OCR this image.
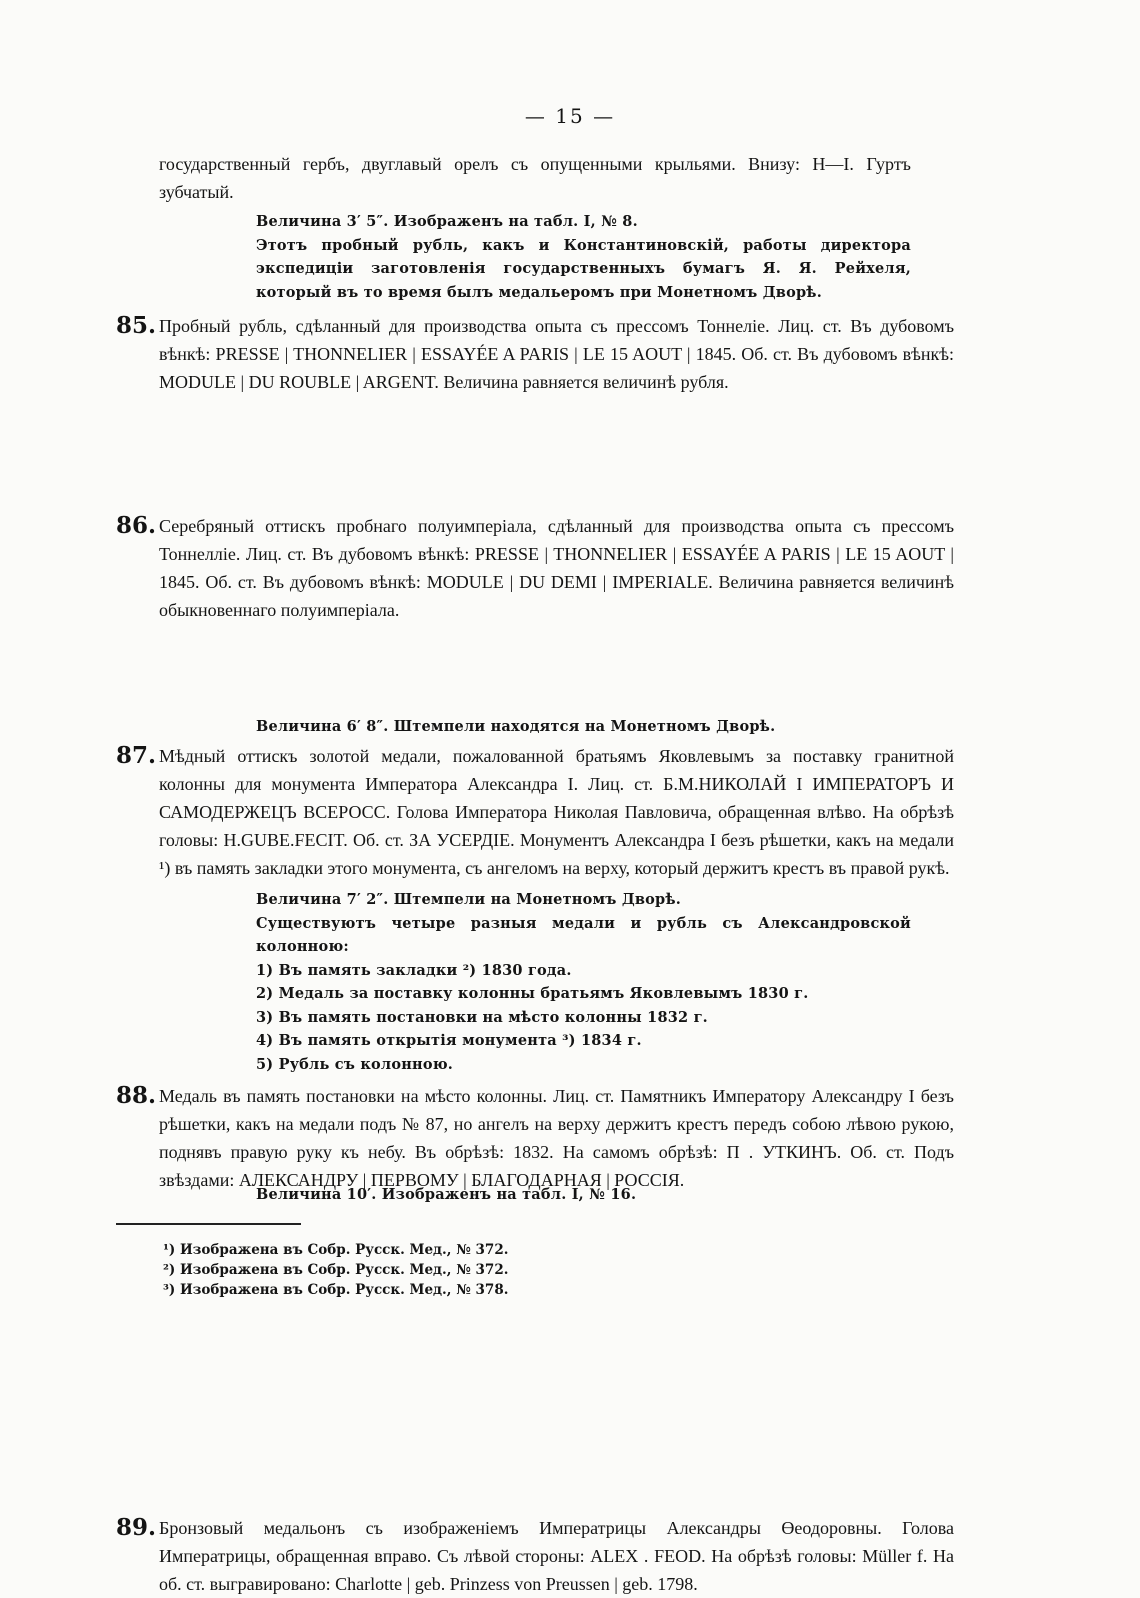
— 15 —
государственный гербъ, двуглавый орелъ съ опущенными крыльями. Внизу: Н—I. Гуртъ зубчатый.
Величина 3′ 5″. Изображенъ на табл. I, № 8.
Этотъ пробный рубль, какъ и Константиновскій, работы директора экспедиціи заготовленія государственныхъ бумагъ Я. Я. Рейхеля, который въ то время былъ медальеромъ при Монетномъ Дворѣ.
85. Пробный рубль, сдѣланный для производства опыта съ прессомъ Тоннеліе. Лиц. ст. Въ дубовомъ вѣнкѣ: PRESSE | THONNELIER | ESSAYÉE A PARIS | LE 15 AOUT | 1845. Об. ст. Въ дубовомъ вѣнкѣ: MODULE | DU ROUBLE | ARGENT. Величина равняется величинѣ рубля.
86. Серебряный оттискъ пробнаго полуимперіала, сдѣланный для производства опыта съ прессомъ Тоннелліе. Лиц. ст. Въ дубовомъ вѣнкѣ: PRESSE | THONNELIER | ESSAYÉE A PARIS | LE 15 AOUT | 1845. Об. ст. Въ дубовомъ вѣнкѣ: MODULE | DU DEMI | IMPERIALE. Величина равняется величинѣ обыкновеннаго полуимперіала.
87. Мѣдный оттискъ золотой медали, пожалованной братьямъ Яковлевымъ за поставку гранитной колонны для монумента Императора Александра I. Лиц. ст. Б.М.НИКОЛАЙ I ИМПЕРАТОРЪ И САМОДЕРЖЕЦЪ ВСЕРОСС. Голова Императора Николая Павловича, обращенная влѣво. На обрѣзѣ головы: H.GUBE.FECIT. Об. ст. ЗА УСЕРДІЕ. Монументъ Александра I безъ рѣшетки, какъ на медали ¹) въ память закладки этого монумента, съ ангеломъ на верху, который держитъ крестъ въ правой рукѣ.
Величина 6′ 8″. Штемпели находятся на Монетномъ Дворѣ.
88. Медаль въ память постановки на мѣсто колонны. Лиц. ст. Памятникъ Императору Александру I безъ рѣшетки, какъ на медали подъ № 87, но ангелъ на верху держитъ крестъ передъ собою лѣвою рукою, поднявъ правую руку къ небу. Въ обрѣзѣ: 1832. На самомъ обрѣзѣ: П . УТКИНЪ. Об. ст. Подъ звѣздами: АЛЕКСАНДРУ | ПЕРВОМУ | БЛАГОДАРНАЯ | РОССІЯ.
Величина 7′ 2″. Штемпели на Монетномъ Дворѣ.
Существуютъ четыре разныя медали и рубль съ Александровской колонною:
1) Въ память закладки ²) 1830 года.
2) Медаль за поставку колонны братьямъ Яковлевымъ 1830 г.
3) Въ память постановки на мѣсто колонны 1832 г.
4) Въ память открытія монумента ³) 1834 г.
5) Рубль съ колонною.
89. Бронзовый медальонъ съ изображеніемъ Императрицы Александры Өеодоровны. Голова Императрицы, обращенная вправо. Съ лѣвой стороны: ALEX . FEOD. На обрѣзѣ головы: Müller f. На об. ст. выгравировано: Charlotte | geb. Prinzess von Preussen | geb. 1798.
Величина 10′. Изображенъ на табл. I, № 16.
¹) Изображена въ Собр. Русск. Мед., № 372.
²) Изображена въ Собр. Русск. Мед., № 372.
³) Изображена въ Собр. Русск. Мед., № 378.
